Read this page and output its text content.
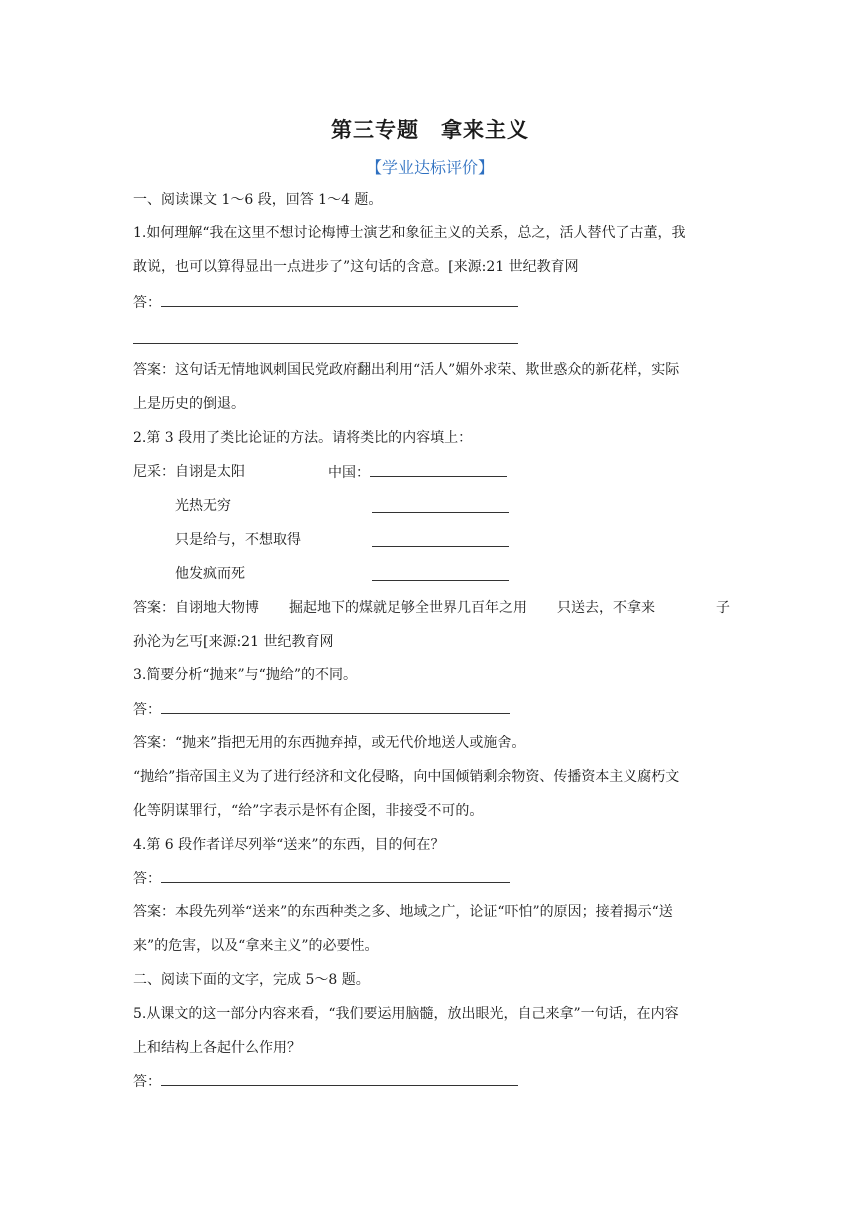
第三专题　拿来主义
【学业达标评价】
一、阅读课文 1～6 段，回答 1～4 题。
1.如何理解“我在这里不想讨论梅博士演艺和象征主义的关系，总之，活人替代了古董，我
敢说，也可以算得显出一点进步了”这句话的含意。[来源:21 世纪教育网
答：
答案：这句话无情地讽刺国民党政府翻出利用“活人”媚外求荣、欺世惑众的新花样，实际
上是历史的倒退。
2.第 3 段用了类比论证的方法。请将类比的内容填上：
尼采：自诩是太阳	中国：
光热无穷
只是给与，不想取得
他发疯而死
答案：自诩地大物博 掘起地下的煤就足够全世界几百年之用 只送去，不拿来	子
孙沦为乞丐[来源:21 世纪教育网
3.简要分析“抛来”与“抛给”的不同。
答：
答案：“抛来”指把无用的东西抛弃掉，或无代价地送人或施舍。
“抛给”指帝国主义为了进行经济和文化侵略，向中国倾销剩余物资、传播资本主义腐朽文
化等阴谋罪行，“给”字表示是怀有企图，非接受不可的。
4.第 6 段作者详尽列举“送来”的东西，目的何在？
答：
答案：本段先列举“送来”的东西种类之多、地域之广，论证“吓怕”的原因；接着揭示“送
来”的危害，以及“拿来主义”的必要性。
二、阅读下面的文字，完成 5～8 题。
5.从课文的这一部分内容来看，“我们要运用脑髓，放出眼光，自己来拿”一句话，在内容
上和结构上各起什么作用？
答：
